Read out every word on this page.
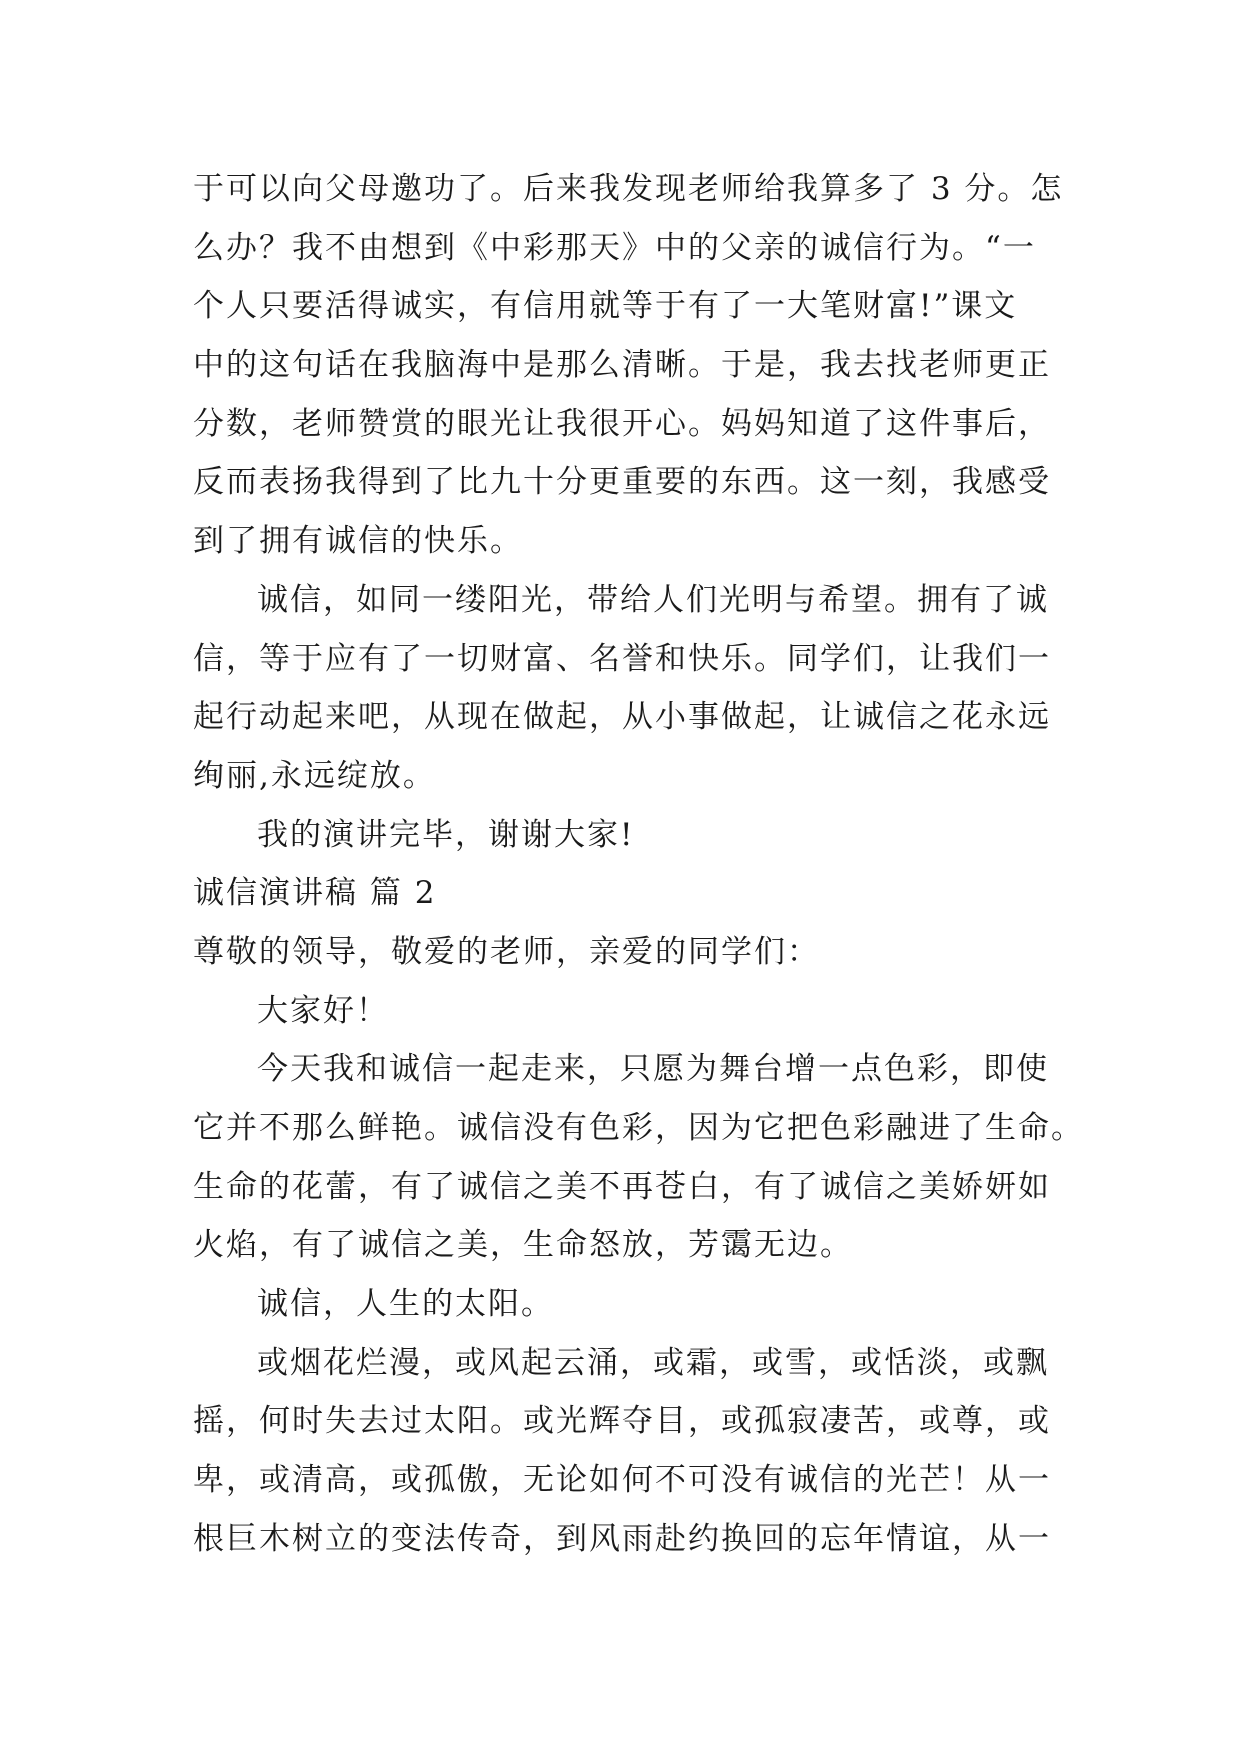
于可以向父母邀功了。后来我发现老师给我算多了 3 分。怎
么办？我不由想到《中彩那天》中的父亲的诚信行为。“一
个人只要活得诚实，有信用就等于有了一大笔财富!”课文
中的这句话在我脑海中是那么清晰。于是，我去找老师更正
分数，老师赞赏的眼光让我很开心。妈妈知道了这件事后，
反而表扬我得到了比九十分更重要的东西。这一刻，我感受
到了拥有诚信的快乐。
诚信，如同一缕阳光，带给人们光明与希望。拥有了诚
信，等于应有了一切财富、名誉和快乐。同学们，让我们一
起行动起来吧，从现在做起，从小事做起，让诚信之花永远
绚丽,永远绽放。
我的演讲完毕，谢谢大家!
诚信演讲稿 篇 2
尊敬的领导，敬爱的老师，亲爱的同学们：
大家好！
今天我和诚信一起走来，只愿为舞台增一点色彩，即使
它并不那么鲜艳。诚信没有色彩，因为它把色彩融进了生命。
生命的花蕾，有了诚信之美不再苍白，有了诚信之美娇妍如
火焰，有了诚信之美，生命怒放，芳霭无边。
诚信，人生的太阳。
或烟花烂漫，或风起云涌，或霜，或雪，或恬淡，或飘
摇，何时失去过太阳。或光辉夺目，或孤寂凄苦，或尊，或
卑，或清高，或孤傲，无论如何不可没有诚信的光芒！从一
根巨木树立的变法传奇，到风雨赴约换回的忘年情谊，从一
